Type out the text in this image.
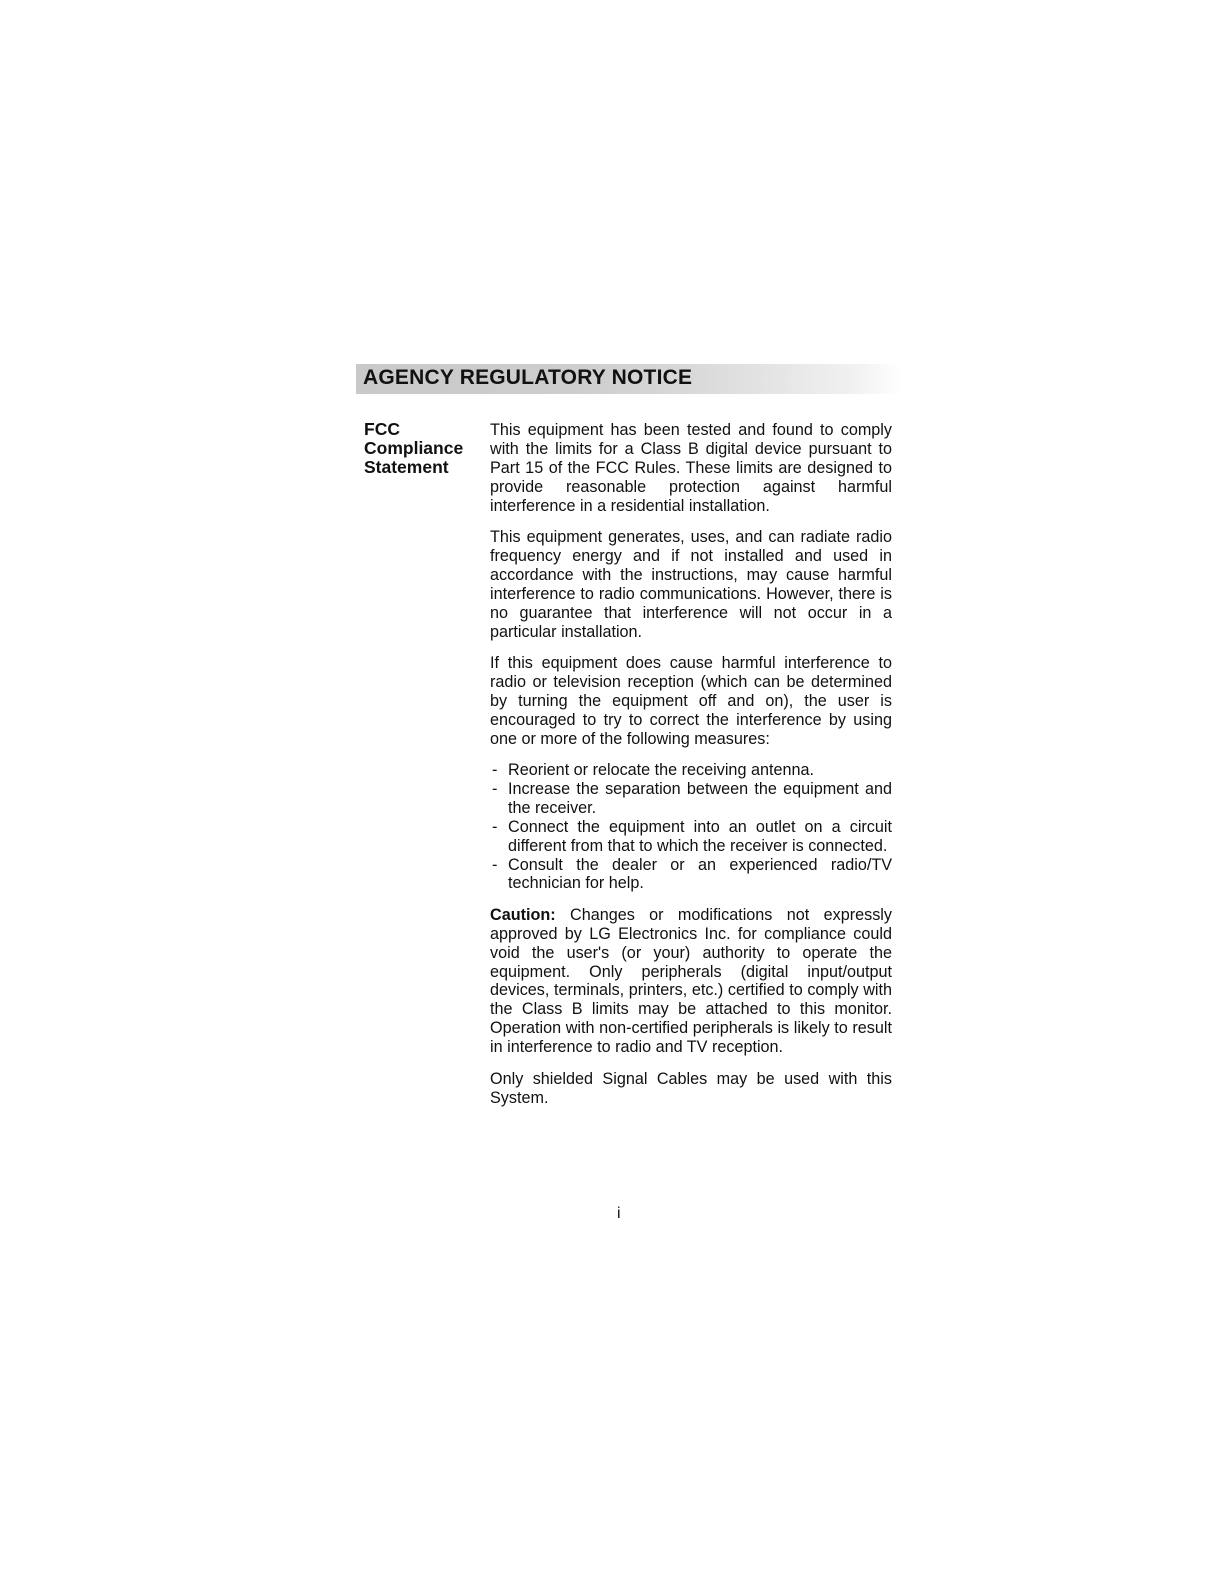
AGENCY REGULATORY NOTICE
FCC
Compliance
Statement

This equipment has been tested and found to comply with the limits for a Class B digital device pursuant to Part 15 of the FCC Rules. These limits are designed to provide reasonable protection against harmful interference in a residential installation.

This equipment generates, uses, and can radiate radio frequency energy and if not installed and used in accordance with the instructions, may cause harmful interference to radio communications. However, there is no guarantee that interference will not occur in a particular installation.

If this equipment does cause harmful interference to radio or television reception (which can be determined by turning the equipment off and on), the user is encouraged to try to correct the interference by using one or more of the following measures:

- Reorient or relocate the receiving antenna.
- Increase the separation between the equipment and the receiver.
- Connect the equipment into an outlet on a circuit different from that to which the receiver is connected.
- Consult the dealer or an experienced radio/TV technician for help.

Caution: Changes or modifications not expressly approved by LG Electronics Inc. for compliance could void the user's (or your) authority to operate the equipment. Only peripherals (digital input/output devices, terminals, printers, etc.) certified to comply with the Class B limits may be attached to this monitor. Operation with non-certified peripherals is likely to result in interference to radio and TV reception.

Only shielded Signal Cables may be used with this System.

i
